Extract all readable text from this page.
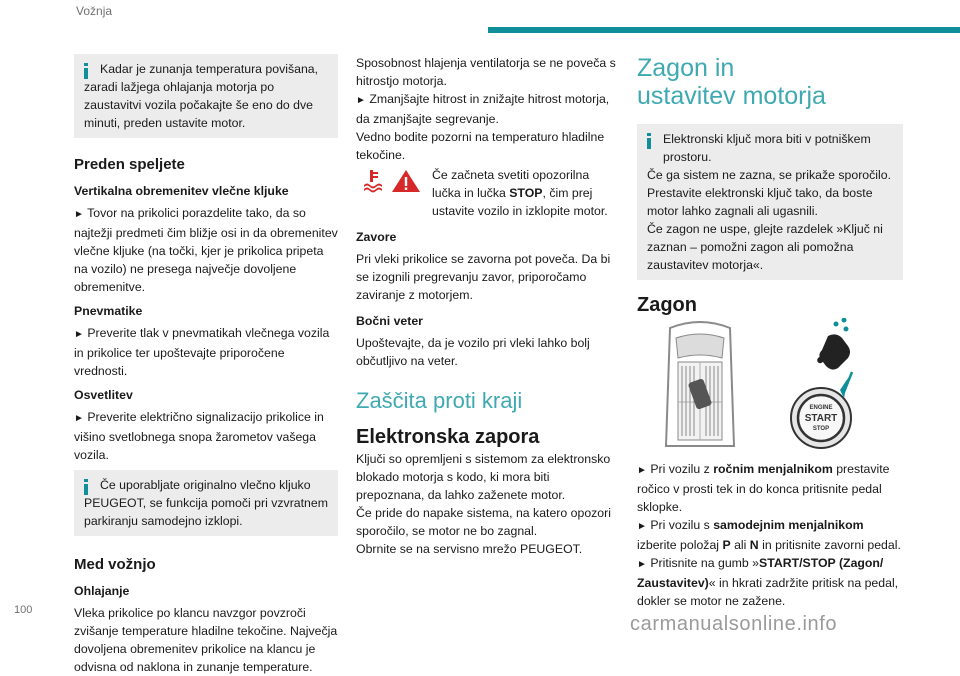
Vožnja

Kadar je zunanja temperatura povišana, zaradi lažjega ohlajanja motorja po zaustavitvi vozila počakajte še eno do dve minuti, preden ustavite motor.

Preden speljete

Vertikalna obremenitev vlečne kljuke

► Tovor na prikolici porazdelite tako, da so najtežji predmeti čim bližje osi in da obremenitev vlečne kljuke (na točki, kjer je prikolica pripeta na vozilo) ne presega največje dovoljene obremenitve.

Pnevmatike

► Preverite tlak v pnevmatikah vlečnega vozila in prikolice ter upoštevajte priporočene vrednosti.

Osvetlitev

► Preverite električno signalizacijo prikolice in višino svetlobnega snopa žarometov vašega vozila.

Če uporabljate originalno vlečno kljuko PEUGEOT, se funkcija pomoči pri vzvratnem parkiranju samodejno izklopi.

Med vožnjo

Ohlajanje

Vleka prikolice po klancu navzgor povzroči zvišanje temperature hladilne tekočine. Največja dovoljena obremenitev prikolice na klancu je odvisna od naklona in zunanje temperature.

Sposobnost hlajenja ventilatorja se ne poveča s hitrostjo motorja.

► Zmanjšajte hitrost in znižajte hitrost motorja, da zmanjšajte segrevanje.

Vedno bodite pozorni na temperaturo hladilne tekočine.

Če začneta svetiti opozorilna lučka in lučka STOP, čim prej ustavite vozilo in izklopite motor.

Zavore

Pri vleki prikolice se zavorna pot poveča. Da bi se izognili pregrevanju zavor, priporočamo zaviranje z motorjem.

Bočni veter

Upoštevajte, da je vozilo pri vleki lahko bolj občutljivo na veter.

Zaščita proti kraji

Elektronska zapora

Ključi so opremljeni s sistemom za elektronsko blokado motorja s kodo, ki mora biti prepoznana, da lahko zaženete motor.

Če pride do napake sistema, na katero opozori sporočilo, se motor ne bo zagnal.

Obrnite se na servisno mrežo PEUGEOT.

Zagon in ustavitev motorja

Elektronski ključ mora biti v potniškem prostoru.

Če ga sistem ne zazna, se prikaže sporočilo.

Prestavite elektronski ključ tako, da boste motor lahko zagnali ali ugasnili.

Če zagon ne uspe, glejte razdelek »Ključ ni zaznan – pomožni zagon ali pomožna zaustavitev motorja«.

Zagon

ENGINE
START
STOP

► Pri vozilu z ročnim menjalnikom prestavite ročico v prosti tek in do konca pritisnite pedal sklopke.

► Pri vozilu s samodejnim menjalnikom izberite položaj P ali N in pritisnite zavorni pedal.

► Pritisnite na gumb »START/STOP (Zagon/ Zaustavitev)« in hkrati zadržite pritisk na pedal, dokler se motor ne zažene.

100
carmanualsonline.info
